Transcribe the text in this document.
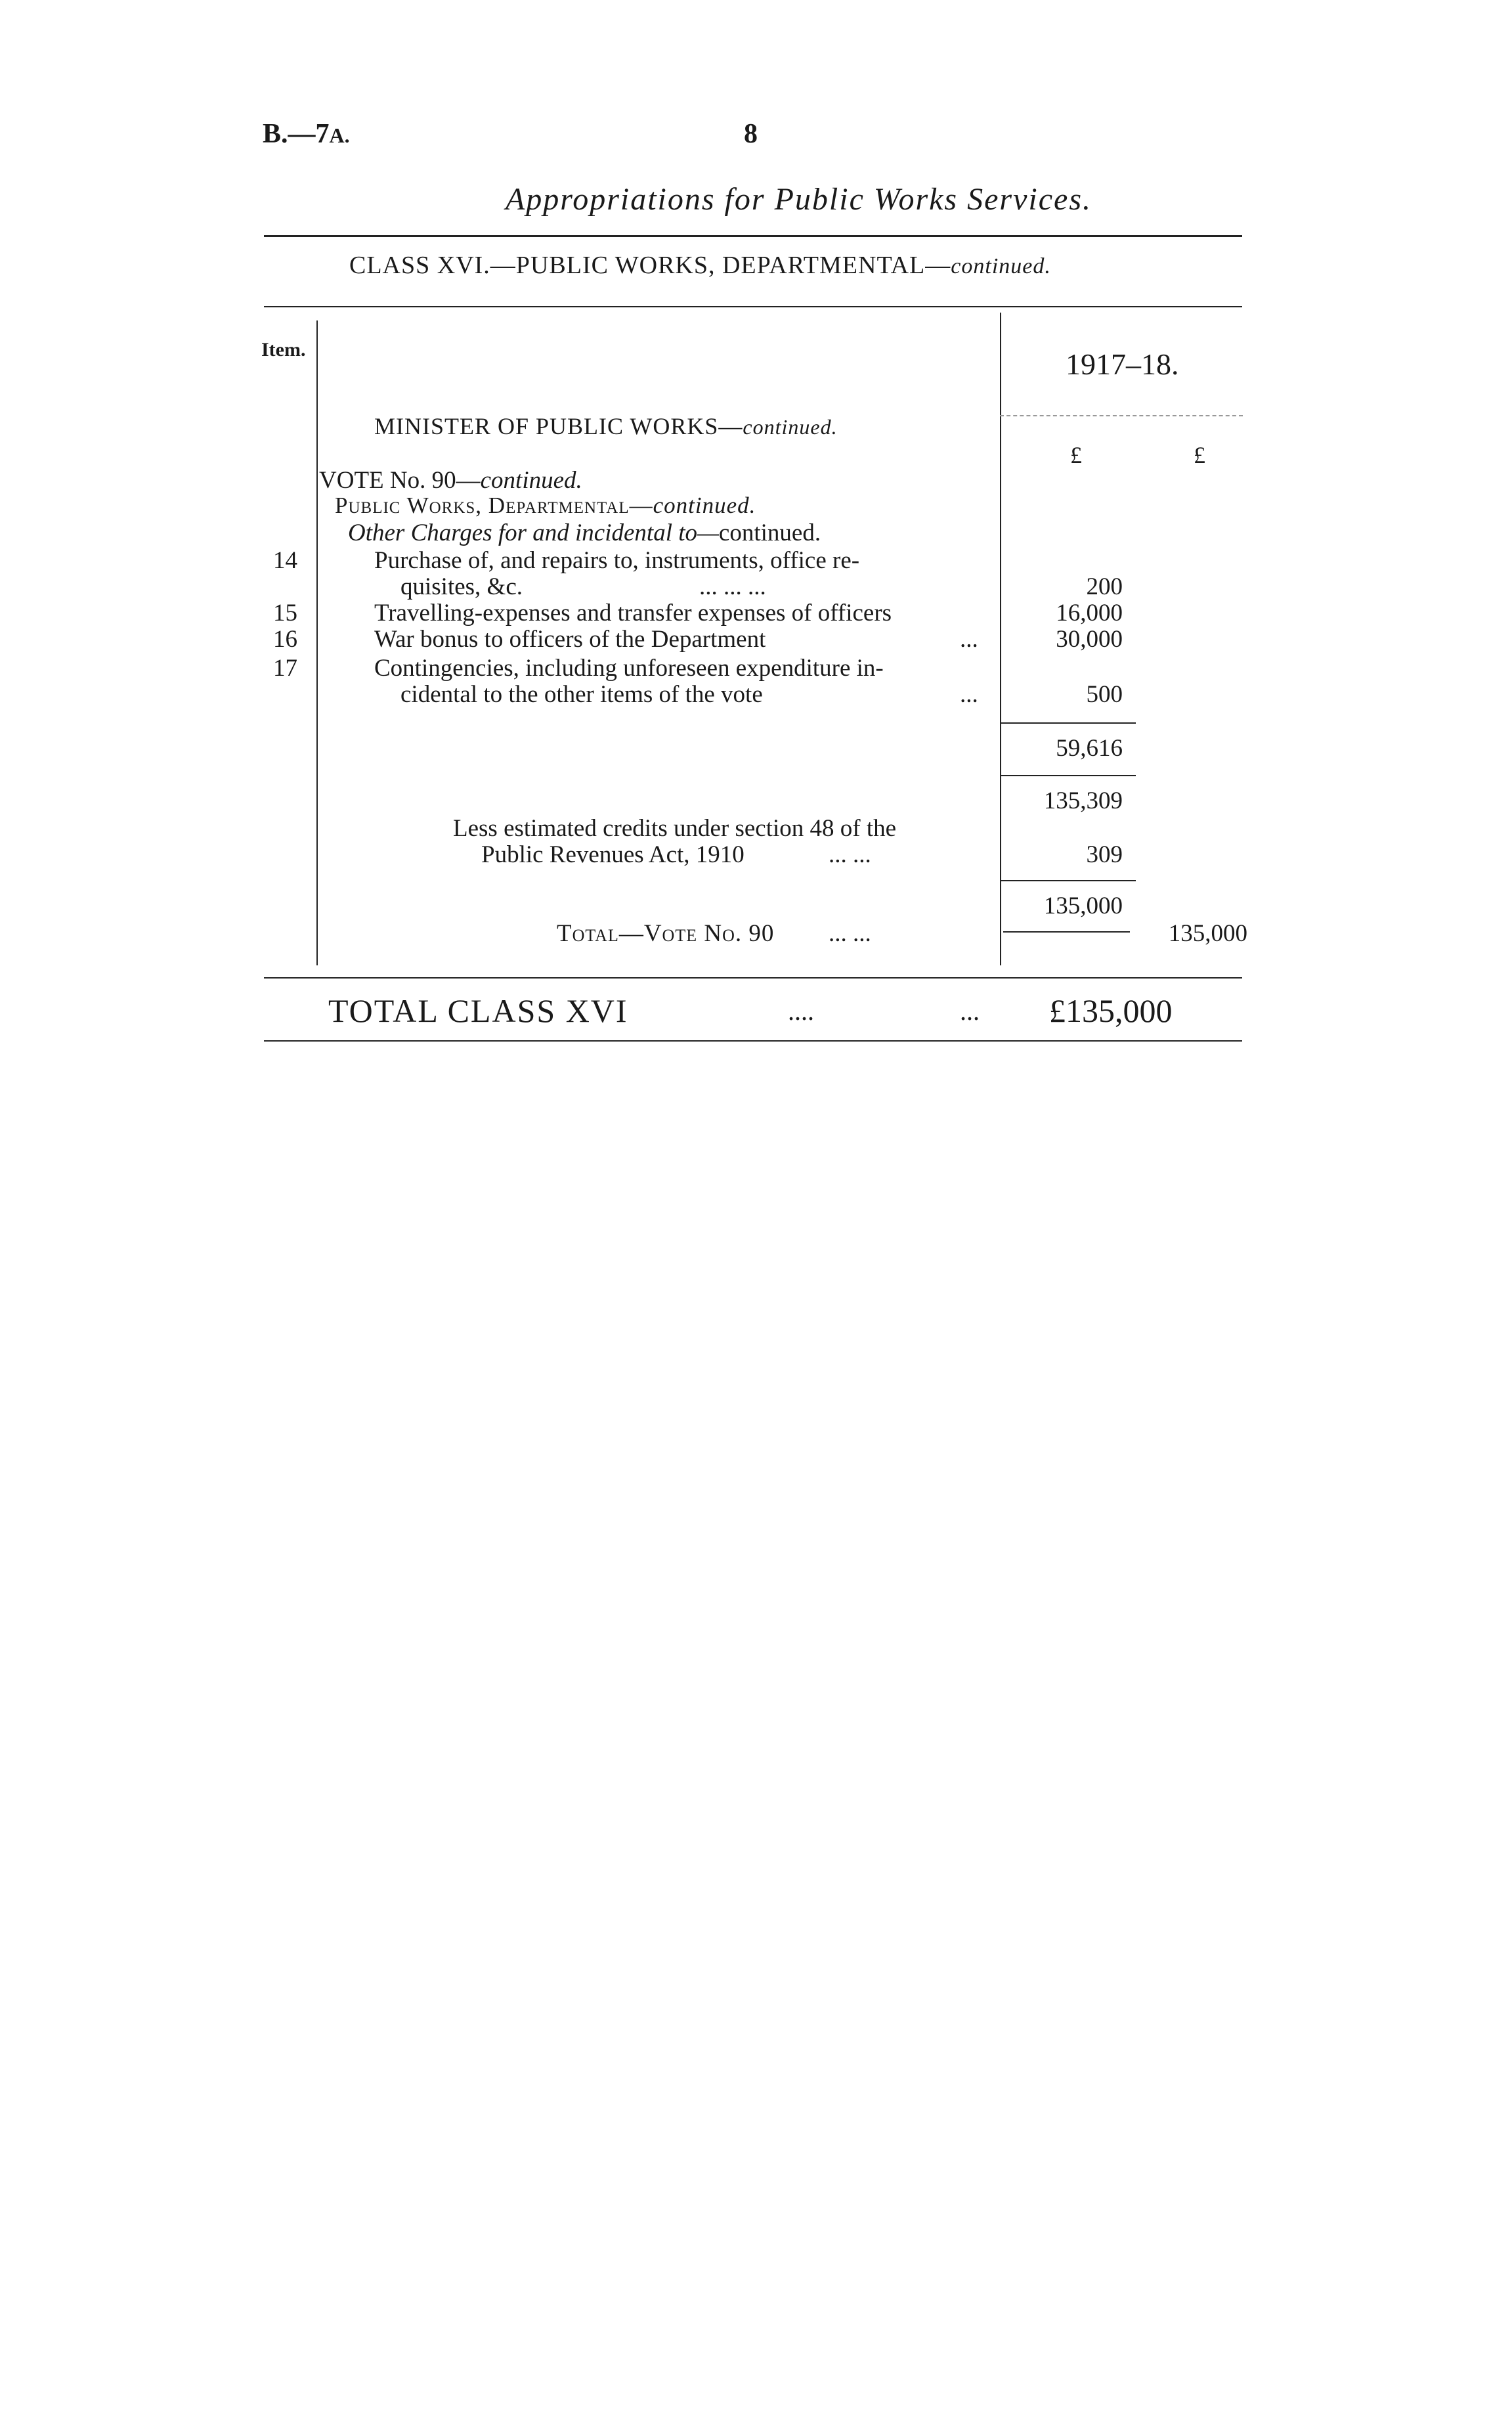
B.—7A.	8
Appropriations for Public Works Services.
CLASS XVI.—PUBLIC WORKS, DEPARTMENTAL—continued.
Item.	1917–18.
£	£
MINISTER OF PUBLIC WORKS—continued.
VOTE No. 90—continued.
Public Works, Departmental—continued.
Other Charges for and incidental to—continued.
14	Purchase of, and repairs to, instruments, office re-
quisites, &c.	... ... ...	200
15	Travelling-expenses and transfer expenses of officers	16,000
16	War bonus to officers of the Department	...	30,000
17	Contingencies, including unforeseen expenditure in-
cidental to the other items of the vote	...	500
59,616
135,309
Less estimated credits under section 48 of the
Public Revenues Act, 1910	... ...	309
135,000
Total—Vote No. 90 ... ...	135,000
TOTAL CLASS XVI	....	... £135,000
